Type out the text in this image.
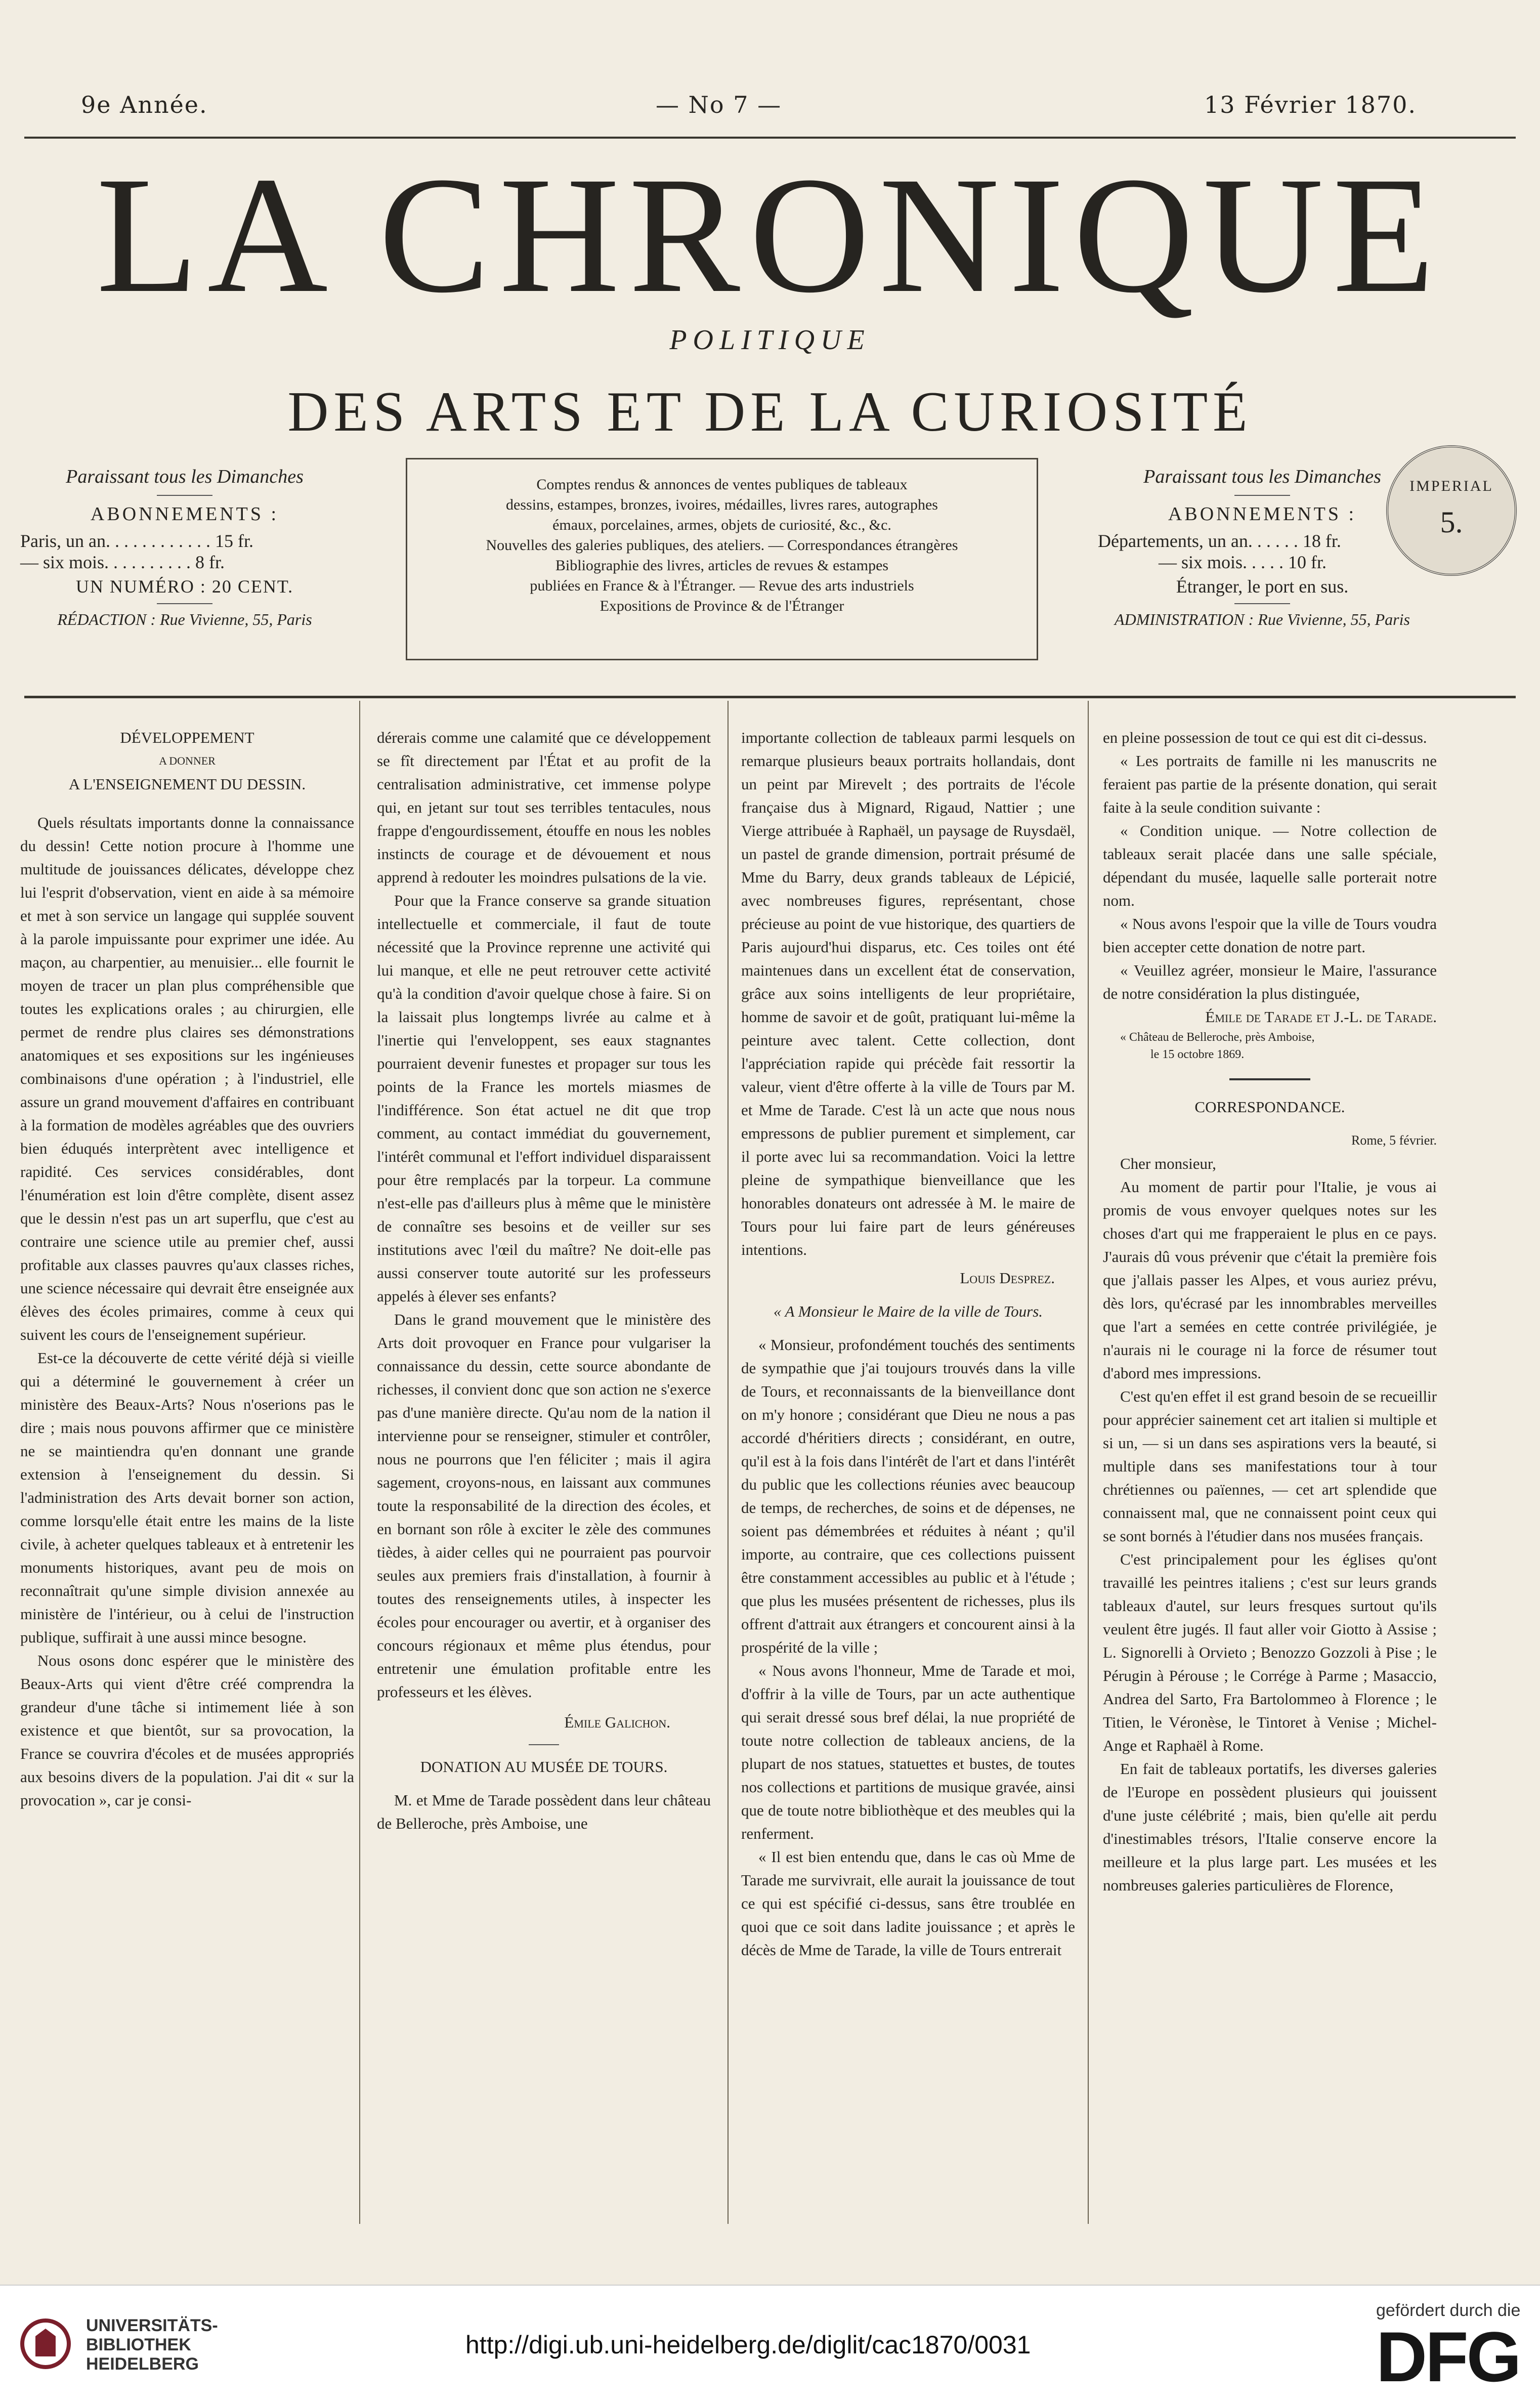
9e Année.	— No 7 —	13 Février 1870.
LA CHRONIQUE
POLITIQUE
DES ARTS ET DE LA CURIOSITÉ
Paraissant tous les Dimanches
ABONNEMENTS :
Paris, un an. . . . . . . . . . . . 15 fr.
— six mois. . . . . . . . . . 8 fr.
UN NUMÉRO : 20 CENT.
RÉDACTION : Rue Vivienne, 55, Paris
Comptes rendus & annonces de ventes publiques de tableaux
dessins, estampes, bronzes, ivoires, médailles, livres rares, autographes
émaux, porcelaines, armes, objets de curiosité, &c., &c.
Nouvelles des galeries publiques, des ateliers. — Correspondances étrangères
Bibliographie des livres, articles de revues & estampes
publiées en France & à l'Étranger. — Revue des arts industriels
Expositions de Province & de l'Étranger
Paraissant tous les Dimanches
ABONNEMENTS :
Départements, un an. . . . . . 18 fr.
— six mois. . . . . 10 fr.
Étranger, le port en sus.
ADMINISTRATION : Rue Vivienne, 55, Paris
IMPERIAL
5.

DÉVELOPPEMENT

A DONNER

A L'ENSEIGNEMENT DU DESSIN.

Quels résultats importants donne la connaissance du dessin! Cette notion procure à l'homme une multitude de jouissances délicates, développe chez lui l'esprit d'observation, vient en aide à sa mémoire et met à son service un langage qui supplée souvent à la parole impuissante pour exprimer une idée. Au maçon, au charpentier, au menuisier... elle fournit le moyen de tracer un plan plus compréhensible que toutes les explications orales ; au chirurgien, elle permet de rendre plus claires ses démonstrations anatomiques et ses expositions sur les ingénieuses combinaisons d'une opération ; à l'industriel, elle assure un grand mouvement d'affaires en contribuant à la formation de modèles agréables que des ouvriers bien éduqués interprètent avec intelligence et rapidité. Ces services considérables, dont l'énumération est loin d'être complète, disent assez que le dessin n'est pas un art superflu, que c'est au contraire une science utile au premier chef, aussi profitable aux classes pauvres qu'aux classes riches, une science nécessaire qui devrait être enseignée aux élèves des écoles primaires, comme à ceux qui suivent les cours de l'enseignement supérieur.

Est-ce la découverte de cette vérité déjà si vieille qui a déterminé le gouvernement à créer un ministère des Beaux-Arts? Nous n'oserions pas le dire ; mais nous pouvons affirmer que ce ministère ne se maintiendra qu'en donnant une grande extension à l'enseignement du dessin. Si l'administration des Arts devait borner son action, comme lorsqu'elle était entre les mains de la liste civile, à acheter quelques tableaux et à entretenir les monuments historiques, avant peu de mois on reconnaîtrait qu'une simple division annexée au ministère de l'intérieur, ou à celui de l'instruction publique, suffirait à une aussi mince besogne.

Nous osons donc espérer que le ministère des Beaux-Arts qui vient d'être créé comprendra la grandeur d'une tâche si intimement liée à son existence et que bientôt, sur sa provocation, la France se couvrira d'écoles et de musées appropriés aux besoins divers de la population. J'ai dit « sur la provocation », car je consi-

dérerais comme une calamité que ce développement se fît directement par l'État et au profit de la centralisation administrative, cet immense polype qui, en jetant sur tout ses terribles tentacules, nous frappe d'engourdissement, étouffe en nous les nobles instincts de courage et de dévouement et nous apprend à redouter les moindres pulsations de la vie.

Pour que la France conserve sa grande situation intellectuelle et commerciale, il faut de toute nécessité que la Province reprenne une activité qui lui manque, et elle ne peut retrouver cette activité qu'à la condition d'avoir quelque chose à faire. Si on la laissait plus longtemps livrée au calme et à l'inertie qui l'enveloppent, ses eaux stagnantes pourraient devenir funestes et propager sur tous les points de la France les mortels miasmes de l'indifférence. Son état actuel ne dit que trop comment, au contact immédiat du gouvernement, l'intérêt communal et l'effort individuel disparaissent pour être remplacés par la torpeur. La commune n'est-elle pas d'ailleurs plus à même que le ministère de connaître ses besoins et de veiller sur ses institutions avec l'œil du maître? Ne doit-elle pas aussi conserver toute autorité sur les professeurs appelés à élever ses enfants?

Dans le grand mouvement que le ministère des Arts doit provoquer en France pour vulgariser la connaissance du dessin, cette source abondante de richesses, il convient donc que son action ne s'exerce pas d'une manière directe. Qu'au nom de la nation il intervienne pour se renseigner, stimuler et contrôler, nous ne pourrons que l'en féliciter ; mais il agira sagement, croyons-nous, en laissant aux communes toute la responsabilité de la direction des écoles, et en bornant son rôle à exciter le zèle des communes tièdes, à aider celles qui ne pourraient pas pourvoir seules aux premiers frais d'installation, à fournir à toutes des renseignements utiles, à inspecter les écoles pour encourager ou avertir, et à organiser des concours régionaux et même plus étendus, pour entretenir une émulation profitable entre les professeurs et les élèves.

Émile Galichon.

DONATION AU MUSÉE DE TOURS.

M. et Mme de Tarade possèdent dans leur château de Belleroche, près Amboise, une

importante collection de tableaux parmi lesquels on remarque plusieurs beaux portraits hollandais, dont un peint par Mirevelt ; des portraits de l'école française dus à Mignard, Rigaud, Nattier ; une Vierge attribuée à Raphaël, un paysage de Ruysdaël, un pastel de grande dimension, portrait présumé de Mme du Barry, deux grands tableaux de Lépicié, avec nombreuses figures, représentant, chose précieuse au point de vue historique, des quartiers de Paris aujourd'hui disparus, etc. Ces toiles ont été maintenues dans un excellent état de conservation, grâce aux soins intelligents de leur propriétaire, homme de savoir et de goût, pratiquant lui-même la peinture avec talent. Cette collection, dont l'appréciation rapide qui précède fait ressortir la valeur, vient d'être offerte à la ville de Tours par M. et Mme de Tarade. C'est là un acte que nous nous empressons de publier purement et simplement, car il porte avec lui sa recommandation. Voici la lettre pleine de sympathique bienveillance que les honorables donateurs ont adressée à M. le maire de Tours pour lui faire part de leurs généreuses intentions.

Louis Desprez.

« A Monsieur le Maire de la ville de Tours.

« Monsieur, profondément touchés des sentiments de sympathie que j'ai toujours trouvés dans la ville de Tours, et reconnaissants de la bienveillance dont on m'y honore ; considérant que Dieu ne nous a pas accordé d'héritiers directs ; considérant, en outre, qu'il est à la fois dans l'intérêt de l'art et dans l'intérêt du public que les collections réunies avec beaucoup de temps, de recherches, de soins et de dépenses, ne soient pas démembrées et réduites à néant ; qu'il importe, au contraire, que ces collections puissent être constamment accessibles au public et à l'étude ; que plus les musées présentent de richesses, plus ils offrent d'attrait aux étrangers et concourent ainsi à la prospérité de la ville ;

« Nous avons l'honneur, Mme de Tarade et moi, d'offrir à la ville de Tours, par un acte authentique qui serait dressé sous bref délai, la nue propriété de toute notre collection de tableaux anciens, de la plupart de nos statues, statuettes et bustes, de toutes nos collections et partitions de musique gravée, ainsi que de toute notre bibliothèque et des meubles qui la renferment.

« Il est bien entendu que, dans le cas où Mme de Tarade me survivrait, elle aurait la jouissance de tout ce qui est spécifié ci-dessus, sans être troublée en quoi que ce soit dans ladite jouissance ; et après le décès de Mme de Tarade, la ville de Tours entrerait

en pleine possession de tout ce qui est dit ci-dessus.

« Les portraits de famille ni les manuscrits ne feraient pas partie de la présente donation, qui serait faite à la seule condition suivante :

« Condition unique. — Notre collection de tableaux serait placée dans une salle spéciale, dépendant du musée, laquelle salle porterait notre nom.

« Nous avons l'espoir que la ville de Tours voudra bien accepter cette donation de notre part.

« Veuillez agréer, monsieur le Maire, l'assurance de notre considération la plus distinguée,

Émile de Tarade et J.-L. de Tarade.

« Château de Belleroche, près Amboise,

le 15 octobre 1869.

CORRESPONDANCE.

Rome, 5 février.

Cher monsieur,

Au moment de partir pour l'Italie, je vous ai promis de vous envoyer quelques notes sur les choses d'art qui me frapperaient le plus en ce pays. J'aurais dû vous prévenir que c'était la première fois que j'allais passer les Alpes, et vous auriez prévu, dès lors, qu'écrasé par les innombrables merveilles que l'art a semées en cette contrée privilégiée, je n'aurais ni le courage ni la force de résumer tout d'abord mes impressions.

C'est qu'en effet il est grand besoin de se recueillir pour apprécier sainement cet art italien si multiple et si un, — si un dans ses aspirations vers la beauté, si multiple dans ses manifestations tour à tour chrétiennes ou païennes, — cet art splendide que connaissent mal, que ne connaissent point ceux qui se sont bornés à l'étudier dans nos musées français.

C'est principalement pour les églises qu'ont travaillé les peintres italiens ; c'est sur leurs grands tableaux d'autel, sur leurs fresques surtout qu'ils veulent être jugés. Il faut aller voir Giotto à Assise ; L. Signorelli à Orvieto ; Benozzo Gozzoli à Pise ; le Pérugin à Pérouse ; le Corrége à Parme ; Masaccio, Andrea del Sarto, Fra Bartolommeo à Florence ; le Titien, le Véronèse, le Tintoret à Venise ; Michel-Ange et Raphaël à Rome.

En fait de tableaux portatifs, les diverses galeries de l'Europe en possèdent plusieurs qui jouissent d'une juste célébrité ; mais, bien qu'elle ait perdu d'inestimables trésors, l'Italie conserve encore la meilleure et la plus large part. Les musées et les nombreuses galeries particulières de Florence,

UNIVERSITÄTS-
BIBLIOTHEK
HEIDELBERG
http://digi.ub.uni-heidelberg.de/diglit/cac1870/0031
gefördert durch die
DFG
